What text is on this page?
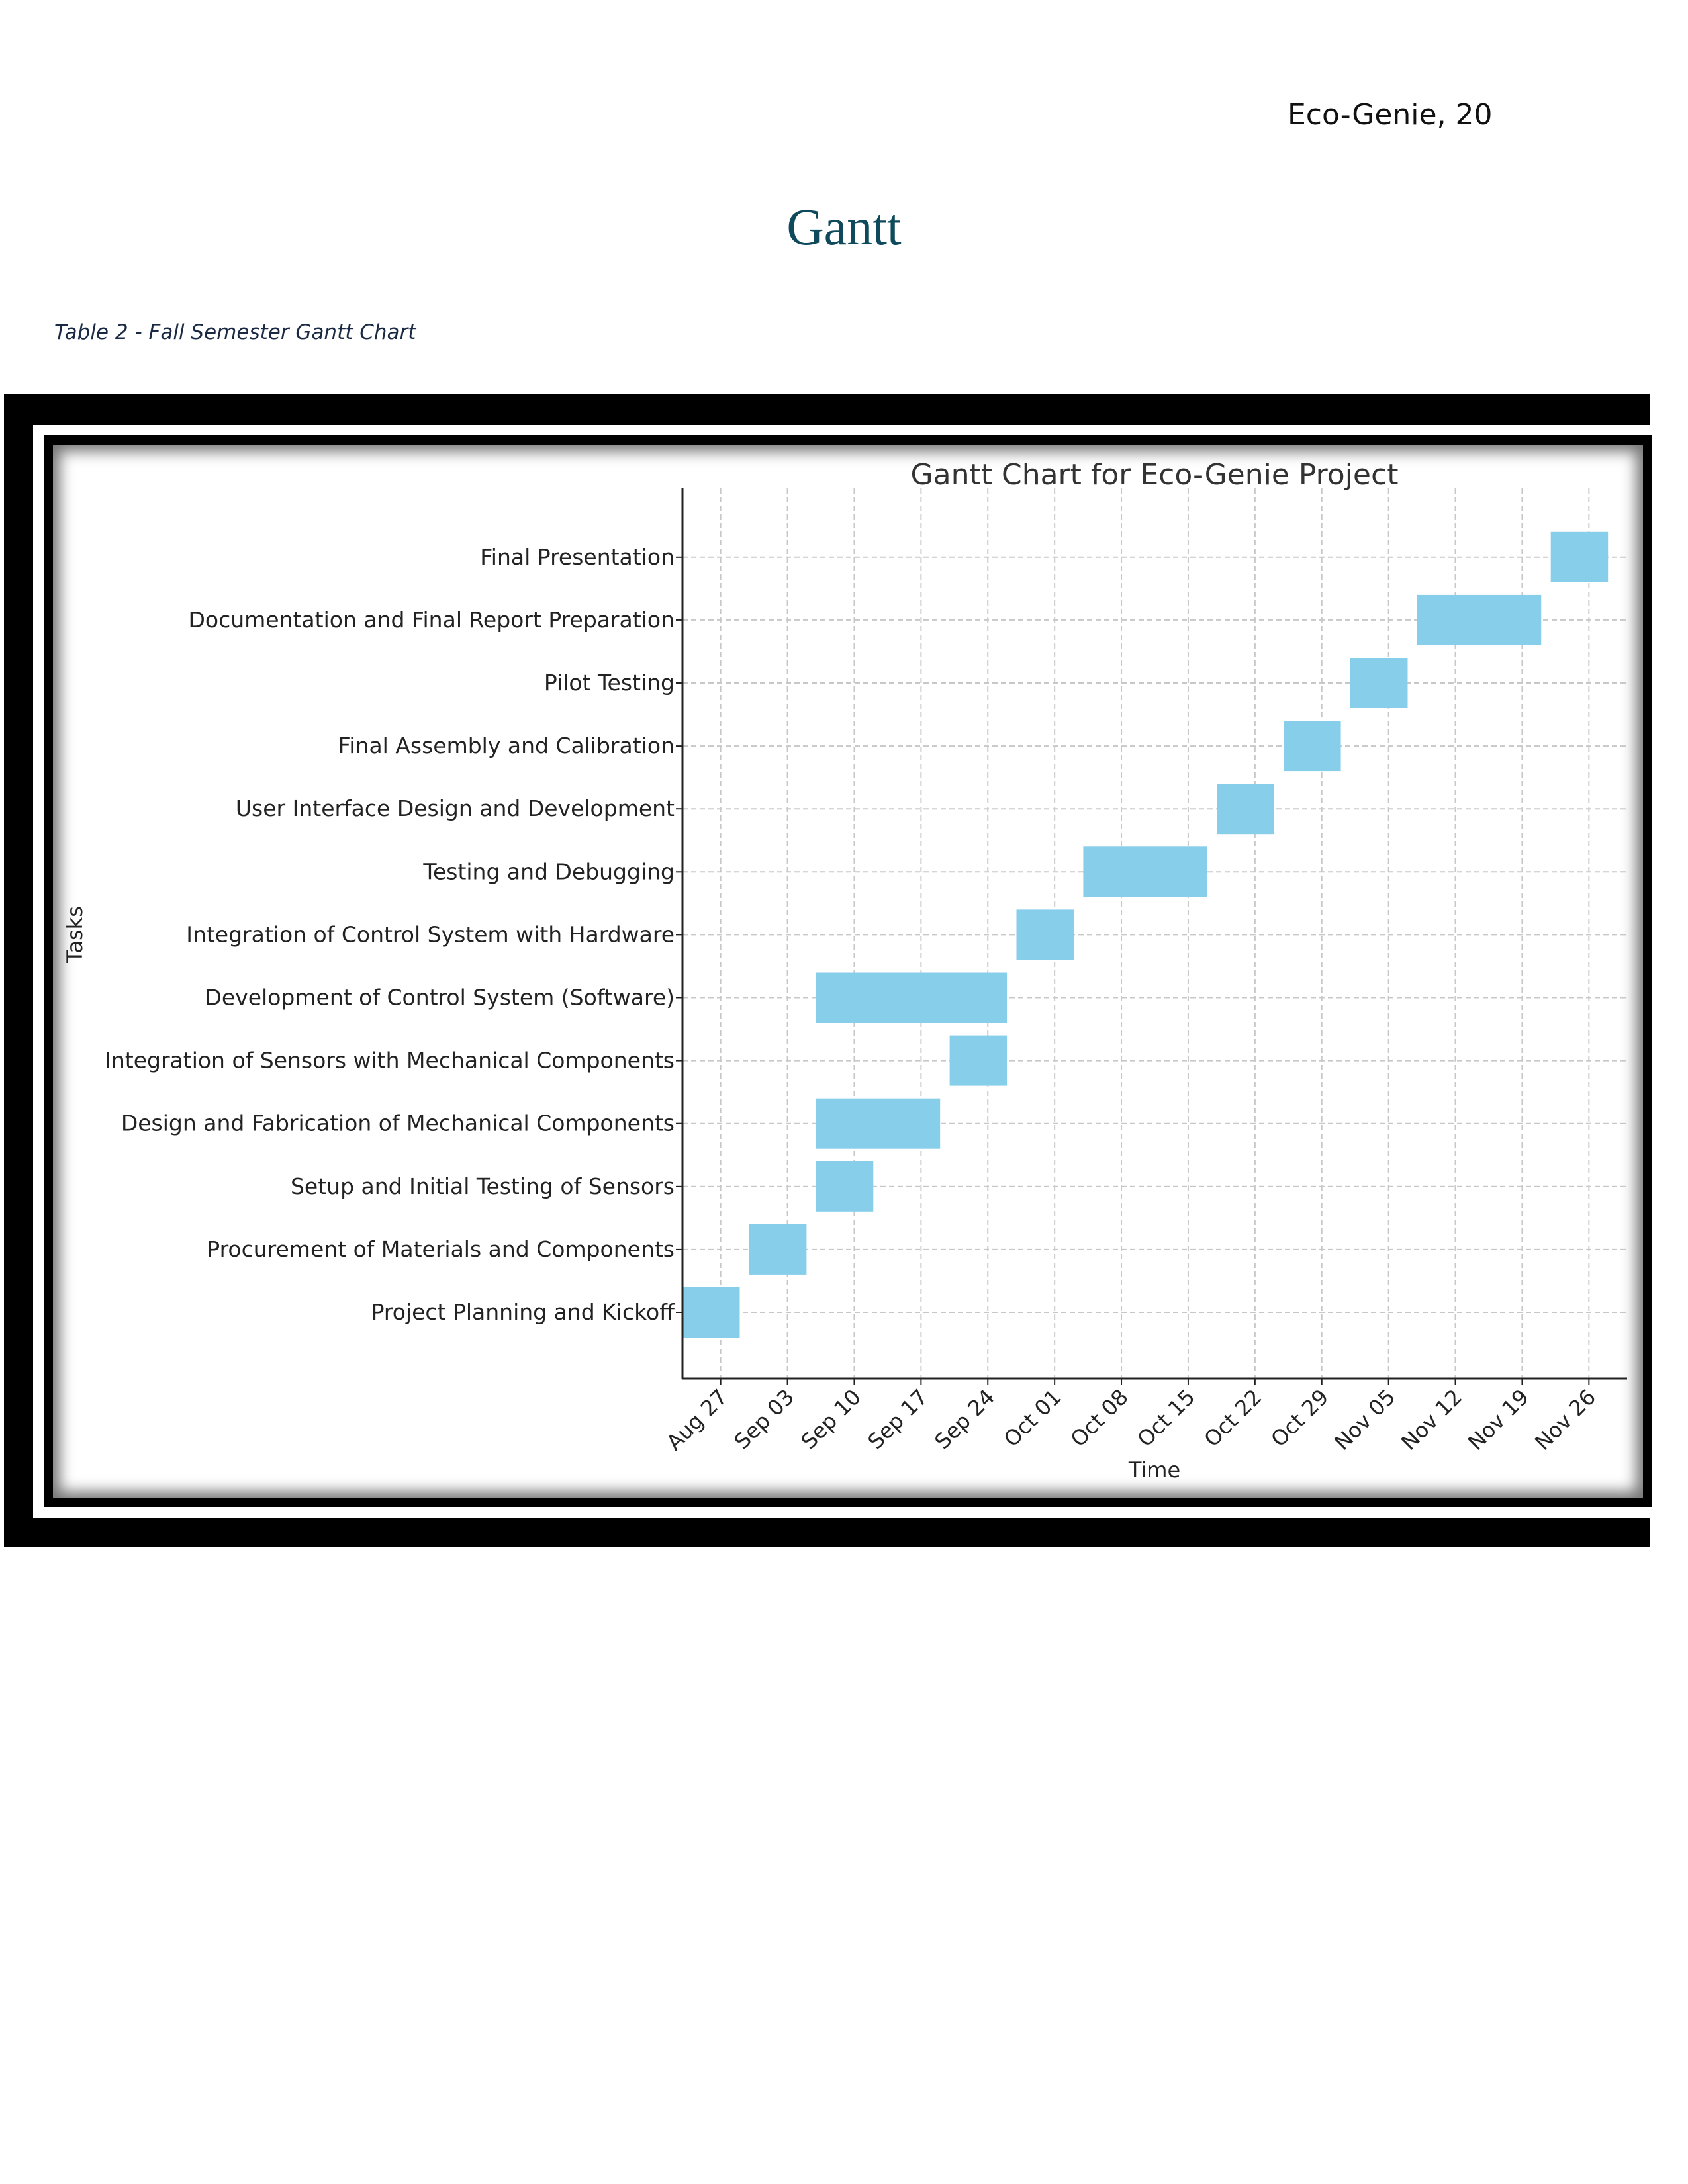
Eco-Genie, 20
Gantt
Table 2 - Fall Semester Gantt Chart
Gantt Chart for Eco-Genie Project
Project Planning and Kickoff
Procurement of Materials and Components
Setup and Initial Testing of Sensors
Design and Fabrication of Mechanical Components
Integration of Sensors with Mechanical Components
Development of Control System (Software)
Integration of Control System with Hardware
Testing and Debugging
User Interface Design and Development
Final Assembly and Calibration
Pilot Testing
Documentation and Final Report Preparation
Final Presentation
Aug 27
Sep 03
Sep 10
Sep 17
Sep 24
Oct 01
Oct 08
Oct 15
Oct 22
Oct 29
Nov 05
Nov 12
Nov 19
Nov 26
Time
Tasks
